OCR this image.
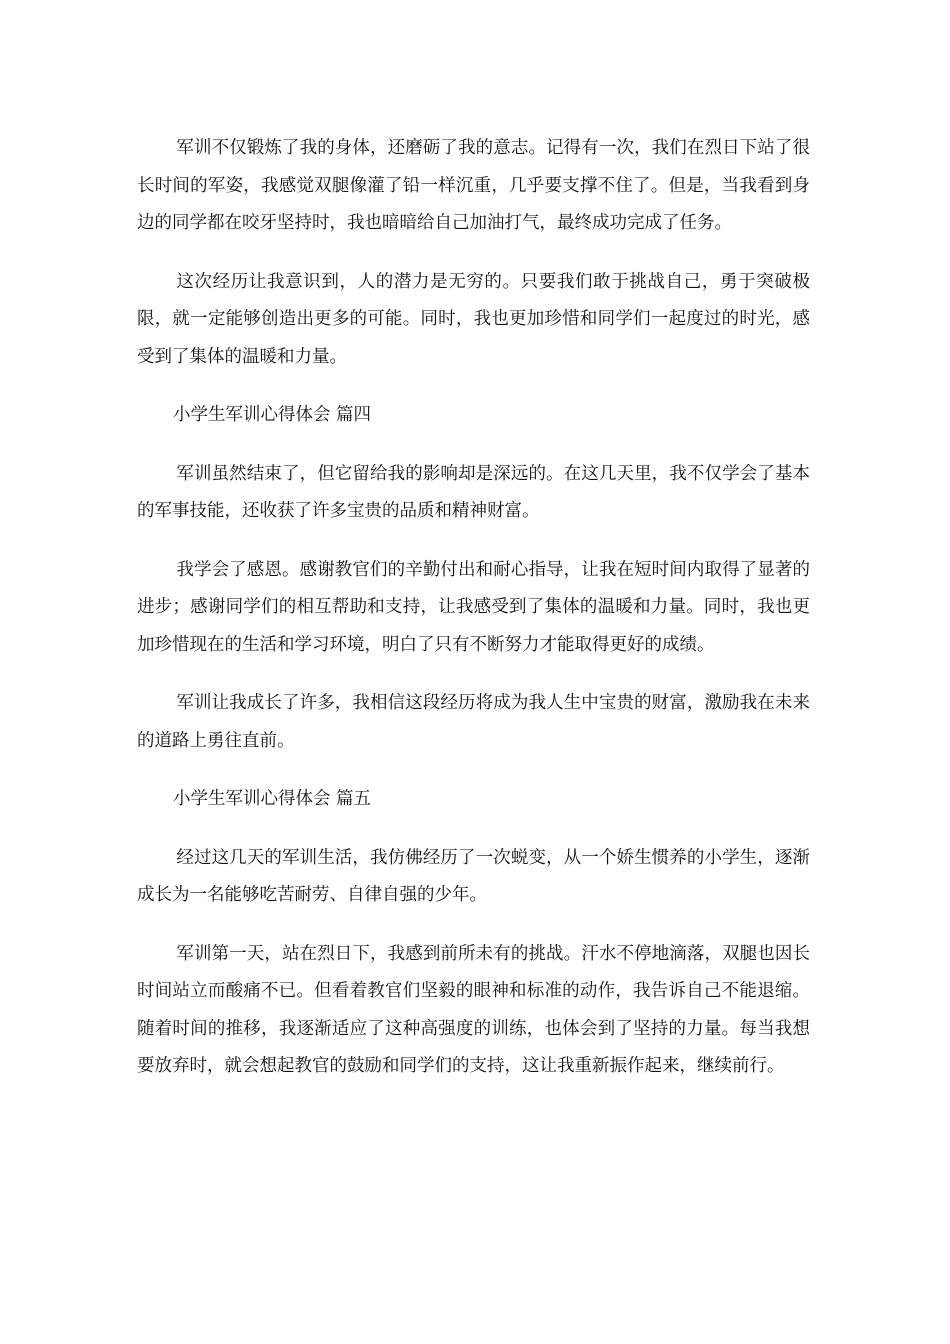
军训不仅锻炼了我的身体，还磨砺了我的意志。记得有一次，我们在烈日下站了很长时间的军姿，我感觉双腿像灌了铅一样沉重，几乎要支撑不住了。但是，当我看到身边的同学都在咬牙坚持时，我也暗暗给自己加油打气，最终成功完成了任务。

这次经历让我意识到，人的潜力是无穷的。只要我们敢于挑战自己，勇于突破极限，就一定能够创造出更多的可能。同时，我也更加珍惜和同学们一起度过的时光，感受到了集体的温暖和力量。

小学生军训心得体会 篇四

军训虽然结束了，但它留给我的影响却是深远的。在这几天里，我不仅学会了基本的军事技能，还收获了许多宝贵的品质和精神财富。

我学会了感恩。感谢教官们的辛勤付出和耐心指导，让我在短时间内取得了显著的进步；感谢同学们的相互帮助和支持，让我感受到了集体的温暖和力量。同时，我也更加珍惜现在的生活和学习环境，明白了只有不断努力才能取得更好的成绩。

军训让我成长了许多，我相信这段经历将成为我人生中宝贵的财富，激励我在未来的道路上勇往直前。

小学生军训心得体会 篇五

经过这几天的军训生活，我仿佛经历了一次蜕变，从一个娇生惯养的小学生，逐渐成长为一名能够吃苦耐劳、自律自强的少年。

军训第一天，站在烈日下，我感到前所未有的挑战。汗水不停地滴落，双腿也因长时间站立而酸痛不已。但看着教官们坚毅的眼神和标准的动作，我告诉自己不能退缩。随着时间的推移，我逐渐适应了这种高强度的训练，也体会到了坚持的力量。每当我想要放弃时，就会想起教官的鼓励和同学们的支持，这让我重新振作起来，继续前行。
